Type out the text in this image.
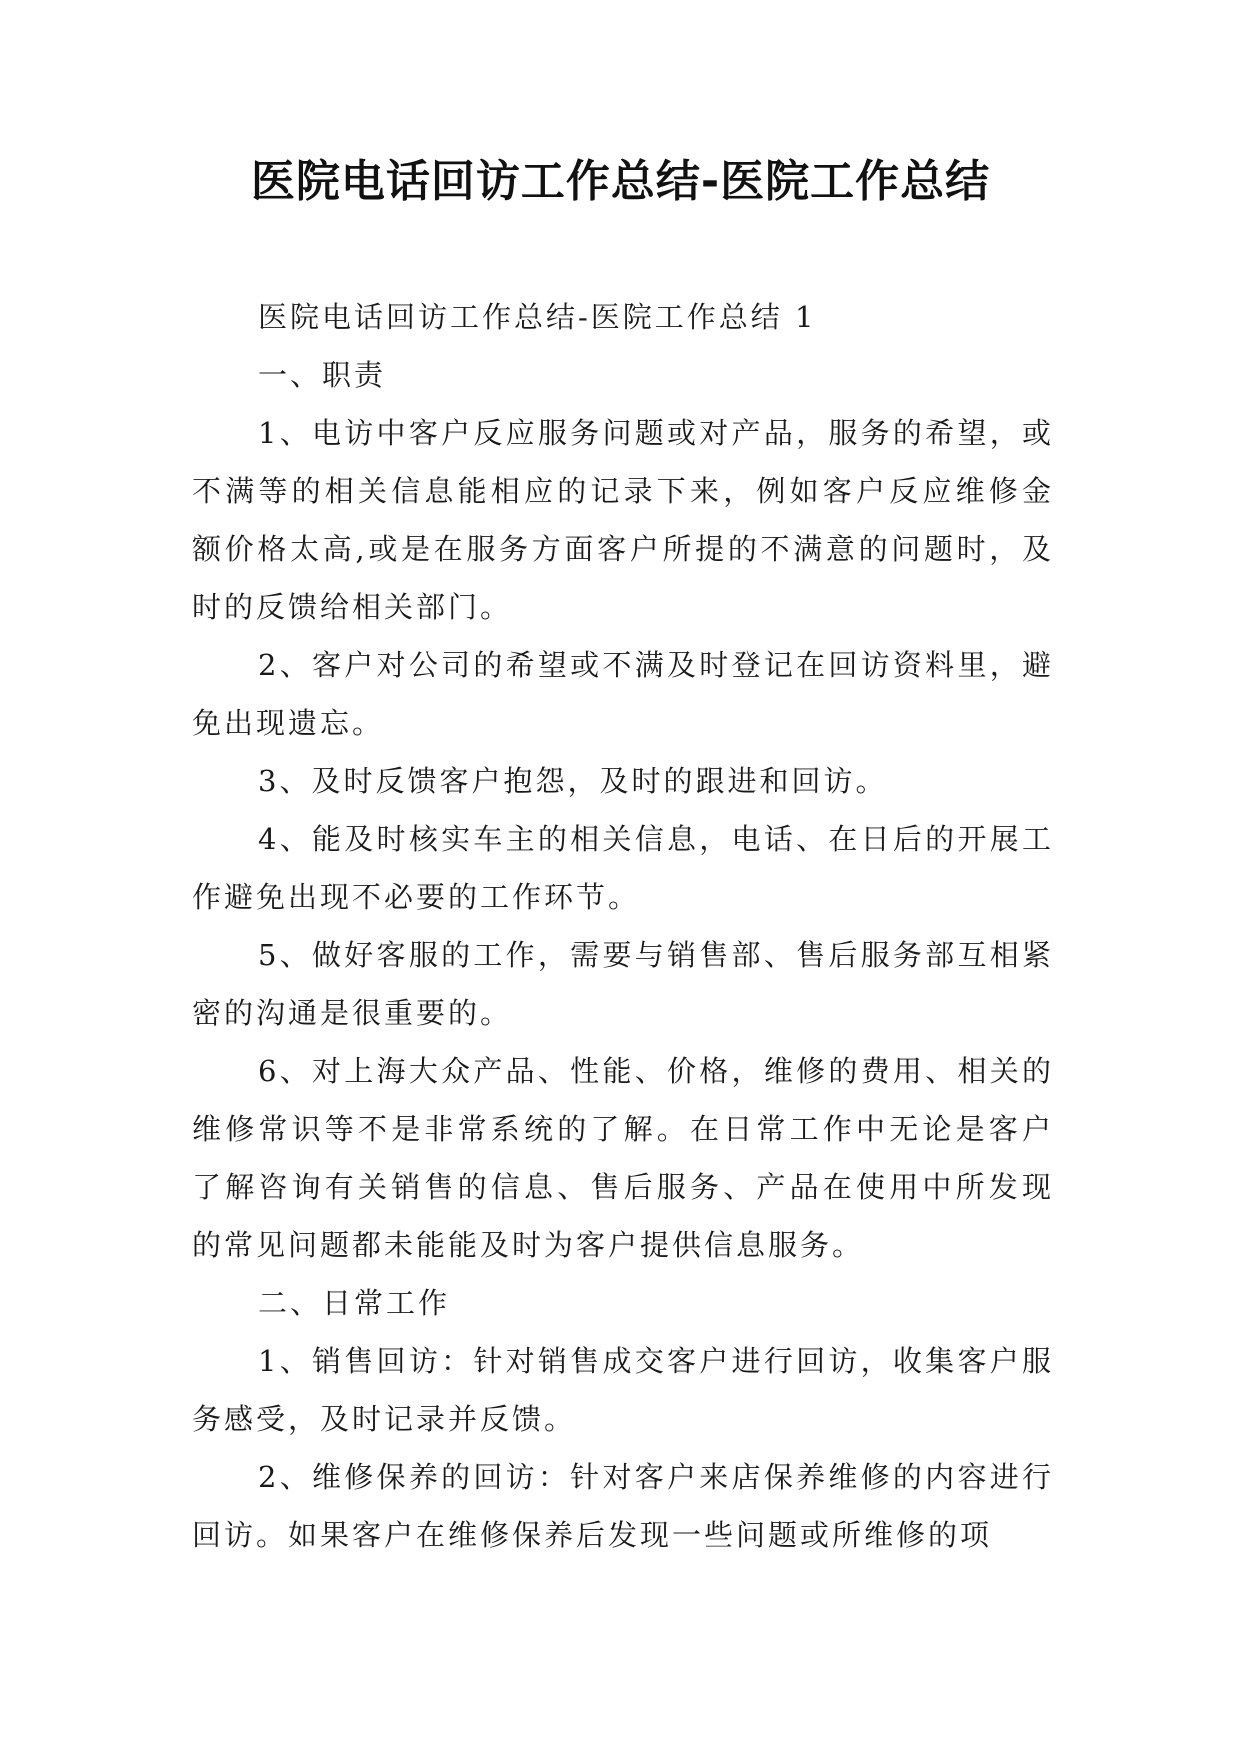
医院电话回访工作总结-医院工作总结

医院电话回访工作总结-医院工作总结 1

一、职责

1、电访中客户反应服务问题或对产品，服务的希望，或不满等的相关信息能相应的记录下来，例如客户反应维修金额价格太高,或是在服务方面客户所提的不满意的问题时，及时的反馈给相关部门。

2、客户对公司的希望或不满及时登记在回访资料里，避免出现遗忘。

3、及时反馈客户抱怨，及时的跟进和回访。

4、能及时核实车主的相关信息，电话、在日后的开展工作避免出现不必要的工作环节。

5、做好客服的工作，需要与销售部、售后服务部互相紧密的沟通是很重要的。

6、对上海大众产品、性能、价格，维修的费用、相关的维修常识等不是非常系统的了解。在日常工作中无论是客户了解咨询有关销售的信息、售后服务、产品在使用中所发现的常见问题都未能能及时为客户提供信息服务。

二、日常工作

1、销售回访：针对销售成交客户进行回访，收集客户服务感受，及时记录并反馈。

2、维修保养的回访：针对客户来店保养维修的内容进行回访。如果客户在维修保养后发现一些问题或所维修的项
